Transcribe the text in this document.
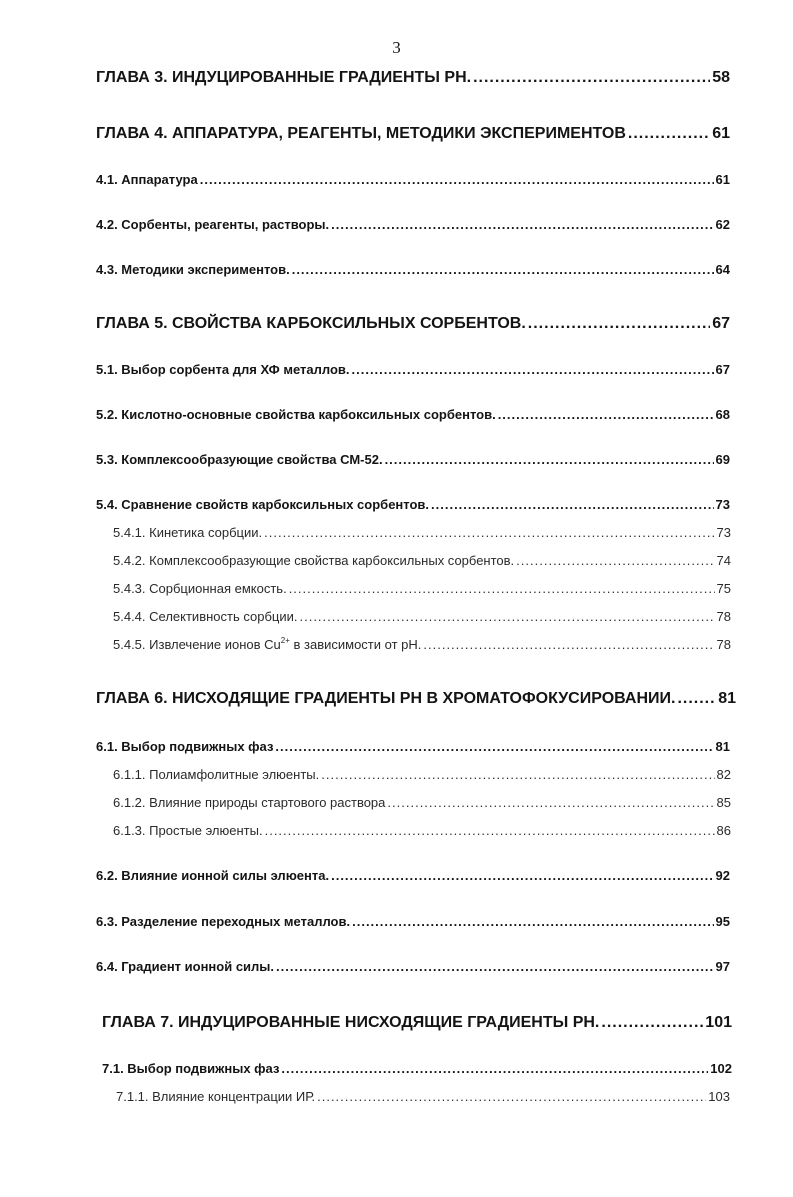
3
ГЛАВА 3. ИНДУЦИРОВАННЫЕ ГРАДИЕНТЫ PH. .....	58
ГЛАВА 4. АППАРАТУРА, РЕАГЕНТЫ, МЕТОДИКИ ЭКСПЕРИМЕНТОВ .....	61
4.1. Аппаратура .....	61
4.2. Сорбенты, реагенты, растворы. .....	62
4.3. Методики экспериментов. .....	64
ГЛАВА 5. СВОЙСТВА КАРБОКСИЛЬНЫХ СОРБЕНТОВ. .....	67
5.1. Выбор сорбента для ХФ металлов. .....	67
5.2. Кислотно-основные свойства карбоксильных сорбентов. .....	68
5.3. Комплексообразующие свойства СМ-52. .....	69
5.4. Сравнение свойств карбоксильных сорбентов. .....	73
5.4.1. Кинетика сорбции. .....	73
5.4.2. Комплексообразующие свойства карбоксильных сорбентов. .....	74
5.4.3. Сорбционная емкость. .....	75
5.4.4. Селективность сорбции. .....	78
5.4.5. Извлечение ионов $Cu^{2+}$ в зависимости от pH. .....	78
ГЛАВА 6. НИСХОДЯЩИЕ ГРАДИЕНТЫ PH В ХРОМАТОФОКУСИРОВАНИИ. .....	81
6.1. Выбор подвижных фаз .....	81
6.1.1. Полиамфолитные элюенты. .....	82
6.1.2. Влияние природы стартового раствора .....	85
6.1.3. Простые элюенты. .....	86
6.2. Влияние ионной силы элюента. .....	92
6.3. Разделение переходных металлов. .....	95
6.4. Градиент ионной силы. .....	97
ГЛАВА 7. ИНДУЦИРОВАННЫЕ НИСХОДЯЩИЕ ГРАДИЕНТЫ PH. .....	101
7.1. Выбор подвижных фаз .....	102
7.1.1. Влияние концентрации ИР. .....	103
